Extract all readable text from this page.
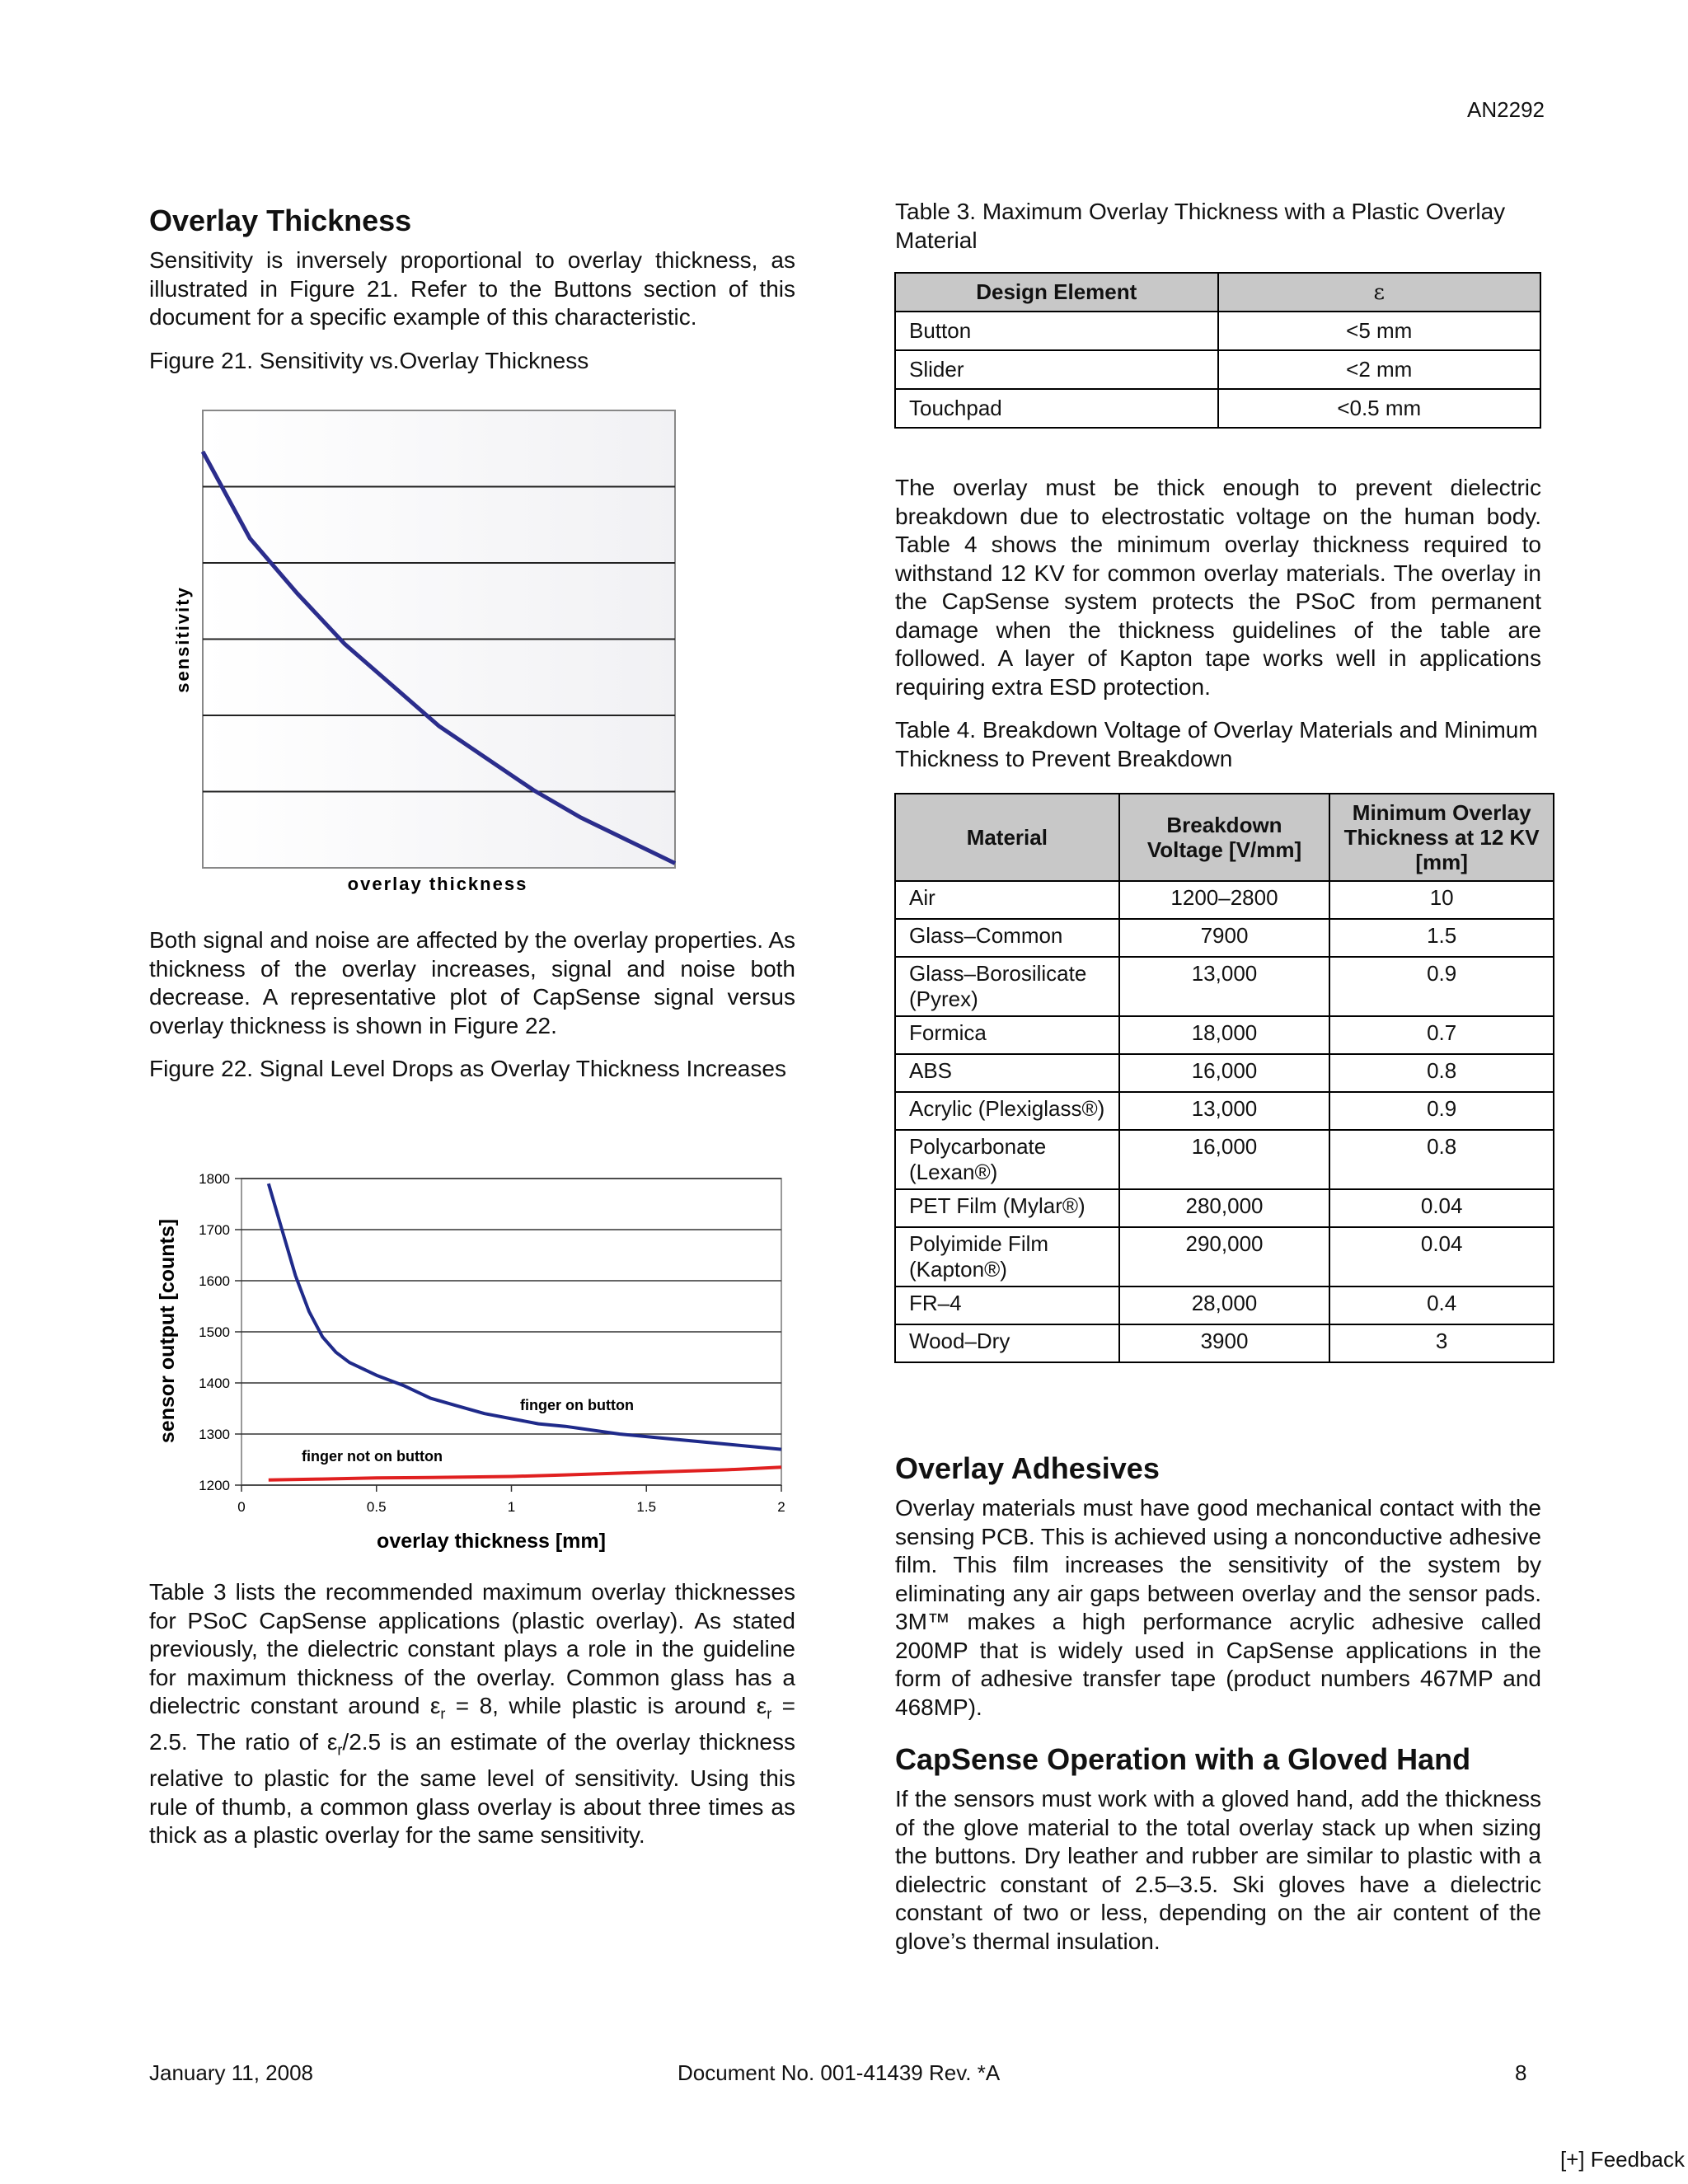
AN2292
Overlay Thickness

Sensitivity is inversely proportional to overlay thickness, as illustrated in Figure 21. Refer to the Buttons section of this document for a specific example of this characteristic.

Figure 21. Sensitivity vs.Overlay Thickness
sensitivity
overlay thickness

Both signal and noise are affected by the overlay properties. As thickness of the overlay increases, signal and noise both decrease. A representative plot of CapSense signal versus overlay thickness is shown in Figure 22.

Figure 22. Signal Level Drops as Overlay Thickness Increases
1200
1300
1400
1500
1600
1700
1800
0	0.5	1	1.5	2
finger on button
finger not on button
sensor output [counts]
overlay thickness [mm]

Table 3 lists the recommended maximum overlay thicknesses for PSoC CapSense applications (plastic overlay). As stated previously, the dielectric constant plays a role in the guideline for maximum thickness of the overlay. Common glass has a dielectric constant around $\varepsilon_r = 8$, while plastic is around $\varepsilon_r = 2.5$. The ratio of $\varepsilon_r/2.5$ is an estimate of the overlay thickness relative to plastic for the same level of sensitivity. Using this rule of thumb, a common glass overlay is about three times as thick as a plastic overlay for the same sensitivity.

Table 3. Maximum Overlay Thickness with a Plastic Overlay Material
Design Element	ε
Button	<5 mm
Slider	<2 mm
Touchpad	<0.5 mm

The overlay must be thick enough to prevent dielectric breakdown due to electrostatic voltage on the human body. Table 4 shows the minimum overlay thickness required to withstand 12 KV for common overlay materials. The overlay in the CapSense system protects the PSoC from permanent damage when the thickness guidelines of the table are followed. A layer of Kapton tape works well in applications requiring extra ESD protection.

Table 4. Breakdown Voltage of Overlay Materials and Minimum Thickness to Prevent Breakdown
Material	Breakdown Voltage [V/mm]	Minimum Overlay Thickness at 12 KV [mm]
Air	1200–2800	10
Glass–Common	7900	1.5
Glass–Borosilicate (Pyrex)	13,000	0.9
Formica	18,000	0.7
ABS	16,000	0.8
Acrylic (Plexiglass®)	13,000	0.9
Polycarbonate (Lexan®)	16,000	0.8
PET Film (Mylar®)	280,000	0.04
Polyimide Film (Kapton®)	290,000	0.04
FR–4	28,000	0.4
Wood–Dry	3900	3
Overlay Adhesives

Overlay materials must have good mechanical contact with the sensing PCB. This is achieved using a nonconductive adhesive film. This film increases the sensitivity of the system by eliminating any air gaps between overlay and the sensor pads. 3M™ makes a high performance acrylic adhesive called 200MP that is widely used in CapSense applications in the form of adhesive transfer tape (product numbers 467MP and 468MP).

CapSense Operation with a Gloved Hand

If the sensors must work with a gloved hand, add the thickness of the glove material to the total overlay stack up when sizing the buttons. Dry leather and rubber are similar to plastic with a dielectric constant of 2.5–3.5. Ski gloves have a dielectric constant of two or less, depending on the air content of the glove’s thermal insulation.

January 11, 2008	Document No. 001-41439 Rev. *A	8
[+] Feedback
